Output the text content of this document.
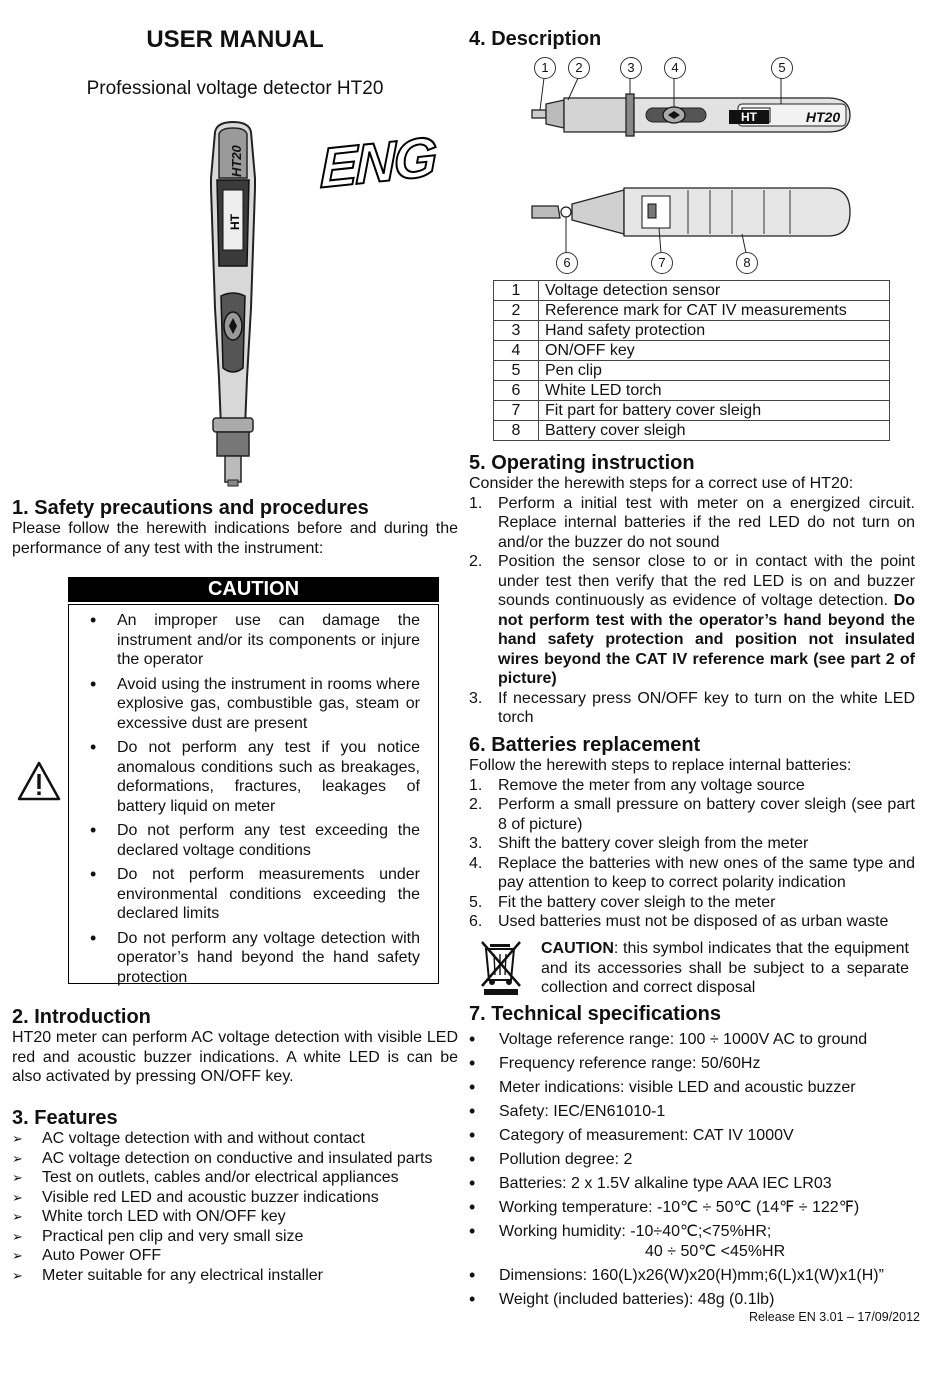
USER MANUAL
Professional voltage detector HT20
HT20
HT
ENG
1. Safety precautions and procedures

Please follow the herewith indications before and during the performance of any test with the instrument:

CAUTION
• An improper use can damage the instrument and/or its components or injure the operator
• Avoid using the instrument in rooms where explosive gas, combustible gas, steam or excessive dust are present
• Do not perform any test if you notice anomalous conditions such as breakages, deformations, fractures, leakages of battery liquid on meter
• Do not perform any test exceeding the declared voltage conditions
• Do not perform measurements under environmental conditions exceeding the declared limits
• Do not perform any voltage detection with operator’s hand beyond the hand safety protection
2. Introduction

HT20 meter can perform AC voltage detection with visible LED red and acoustic buzzer indications. A white LED is can be also activated by pressing ON/OFF key.

3. Features
➢ AC voltage detection with and without contact
➢ AC voltage detection on conductive and insulated parts
➢ Test on outlets, cables and/or electrical appliances
➢ Visible red LED and acoustic buzzer indications
➢ White torch LED with ON/OFF key
➢ Practical pen clip and very small size
➢ Auto Power OFF
➢ Meter suitable for any electrical installer
4. Description
HT	HT20
1	2	3	4	5
6	7	8
1	Voltage detection sensor
2	Reference mark for CAT IV measurements
3	Hand safety protection
4	ON/OFF key
5	Pen clip
6	White LED torch
7	Fit part for battery cover sleigh
8	Battery cover sleigh
5. Operating instruction

Consider the herewith steps for a correct use of HT20:

1. Perform a initial test with meter on a energized circuit. Replace internal batteries if the red LED do not turn on and/or the buzzer do not sound
2. Position the sensor close to or in contact with the point under test then verify that the red LED is on and buzzer sounds continuously as evidence of voltage detection. Do not perform test with the operator’s hand beyond the hand safety protection and position not insulated wires beyond the CAT IV reference mark (see part 2 of picture)
3. If necessary press ON/OFF key to turn on the white LED torch
6. Batteries replacement

Follow the herewith steps to replace internal batteries:

1. Remove the meter from any voltage source
2. Perform a small pressure on battery cover sleigh (see part 8 of picture)
3. Shift the battery cover sleigh from the meter
4. Replace the batteries with new ones of the same type and pay attention to keep to correct polarity indication
5. Fit the battery cover sleigh to the meter
6. Used batteries must not be disposed of as urban waste
CAUTION: this symbol indicates that the equipment and its accessories shall be subject to a separate collection and correct disposal
7. Technical specifications
• Voltage reference range: 100 ÷ 1000V AC to ground
• Frequency reference range: 50/60Hz
• Meter indications: visible LED and acoustic buzzer
• Safety: IEC/EN61010-1
• Category of measurement: CAT IV 1000V
• Pollution degree: 2
• Batteries: 2 x 1.5V alkaline type AAA IEC LR03
• Working temperature: -10℃ ÷ 50℃ (14℉ ÷ 122℉)
• Working humidity: -10÷40℃;<75%HR;
40 ÷ 50℃ <45%HR
• Dimensions: 160(L)x26(W)x20(H)mm;6(L)x1(W)x1(H)”
• Weight (included batteries): 48g (0.1lb)
Release EN 3.01 – 17/09/2012
